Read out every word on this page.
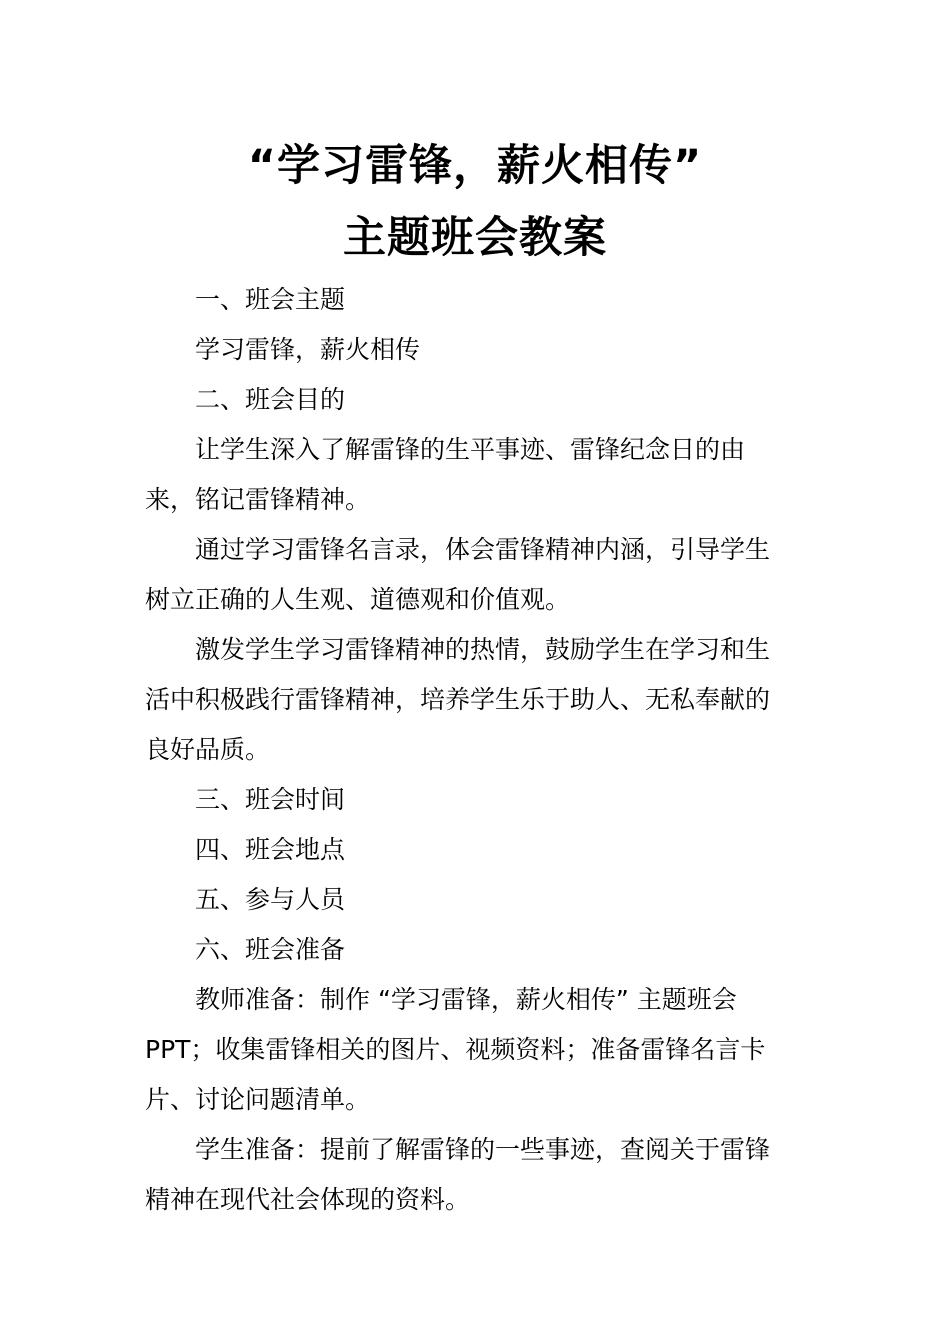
“学习雷锋，薪火相传”
主题班会教案

一、班会主题

学习雷锋，薪火相传

二、班会目的

让学生深入了解雷锋的生平事迹、雷锋纪念日的由
来，铭记雷锋精神。

通过学习雷锋名言录，体会雷锋精神内涵，引导学生
树立正确的人生观、道德观和价值观。

激发学生学习雷锋精神的热情，鼓励学生在学习和生
活中积极践行雷锋精神，培养学生乐于助人、无私奉献的
良好品质。

三、班会时间

四、班会地点

五、参与人员

六、班会准备

教师准备：制作 “学习雷锋，薪火相传” 主题班会
PPT；收集雷锋相关的图片、视频资料；准备雷锋名言卡
片、讨论问题清单。

学生准备：提前了解雷锋的一些事迹，查阅关于雷锋
精神在现代社会体现的资料。
